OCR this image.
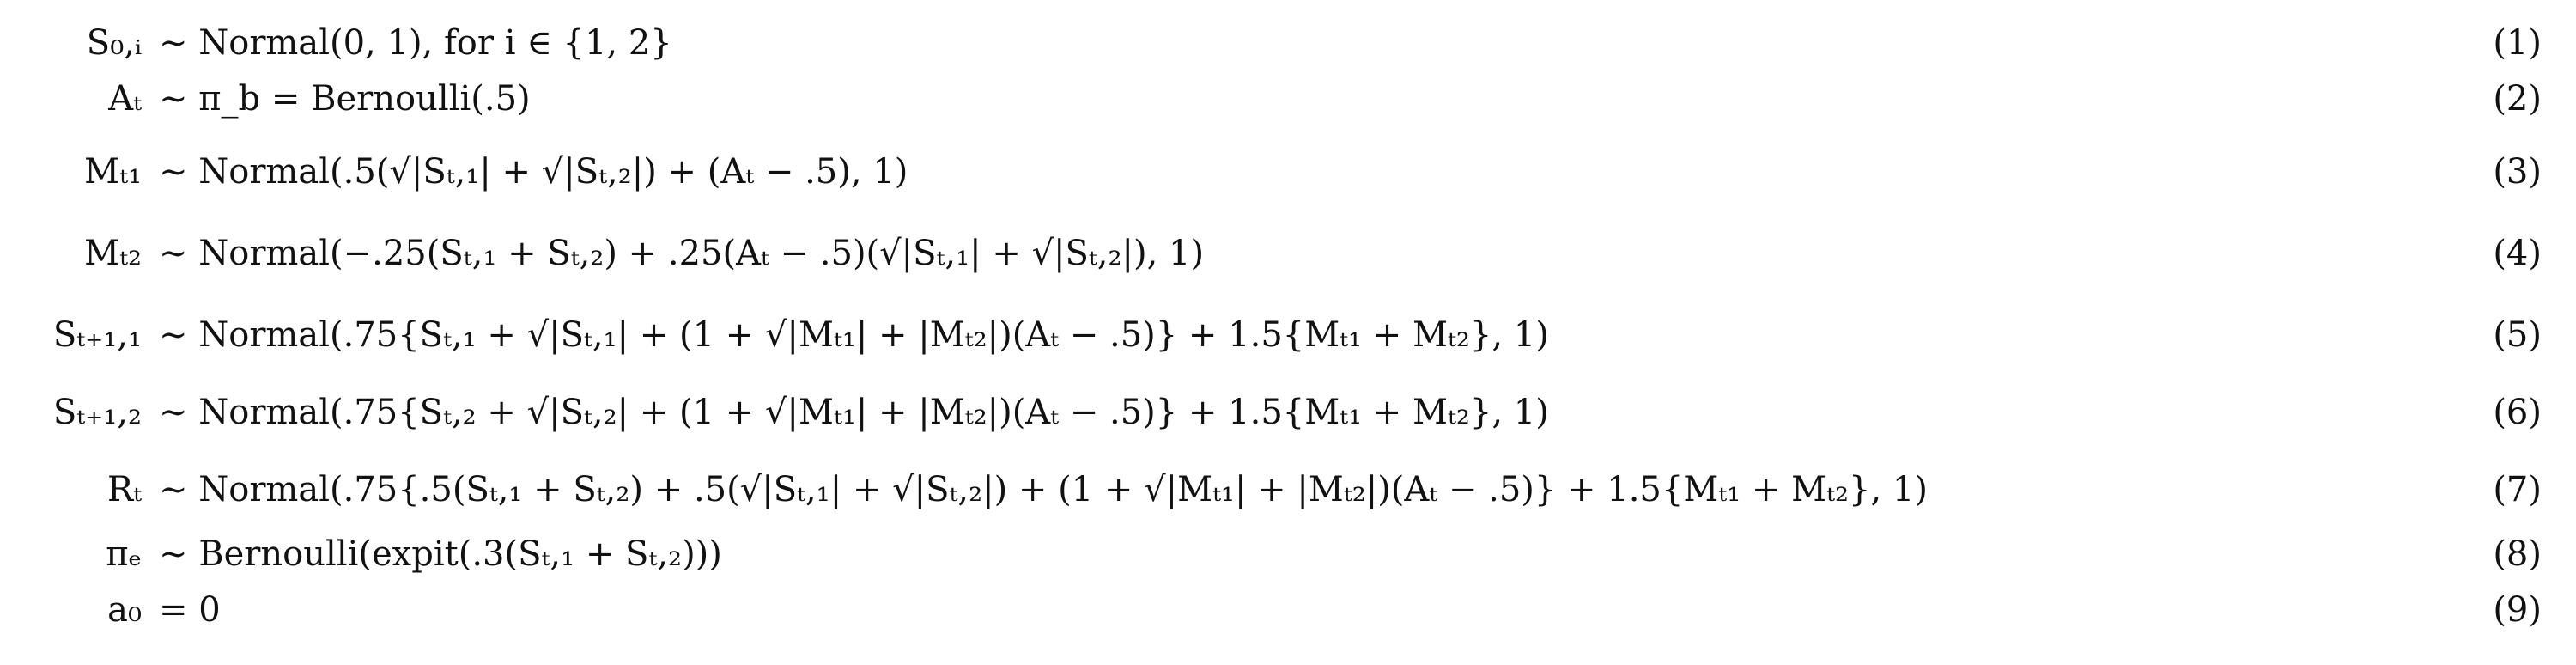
S₀,ᵢ ∼ Normal(0, 1), for i ∈ {1, 2}	(1)
Aₜ ∼ π_b = Bernoulli(.5)	(2)
Mₜ₁ ∼ Normal(.5(√|Sₜ,₁| + √|Sₜ,₂|) + (Aₜ − .5), 1)	(3)
Mₜ₂ ∼ Normal(−.25(Sₜ,₁ + Sₜ,₂) + .25(Aₜ − .5)(√|Sₜ,₁| + √|Sₜ,₂|), 1)	(4)
Sₜ₊₁,₁ ∼ Normal(.75{Sₜ,₁ + √|Sₜ,₁| + (1 + √|Mₜ₁| + |Mₜ₂|)(Aₜ − .5)} + 1.5{Mₜ₁ + Mₜ₂}, 1)	(5)
Sₜ₊₁,₂ ∼ Normal(.75{Sₜ,₂ + √|Sₜ,₂| + (1 + √|Mₜ₁| + |Mₜ₂|)(Aₜ − .5)} + 1.5{Mₜ₁ + Mₜ₂}, 1)	(6)
Rₜ ∼ Normal(.75{.5(Sₜ,₁ + Sₜ,₂) + .5(√|Sₜ,₁| + √|Sₜ,₂|) + (1 + √|Mₜ₁| + |Mₜ₂|)(Aₜ − .5)} + 1.5{Mₜ₁ + Mₜ₂}, 1)	(7)
πₑ ∼ Bernoulli(expit(.3(Sₜ,₁ + Sₜ,₂)))	(8)
a₀ = 0	(9)
